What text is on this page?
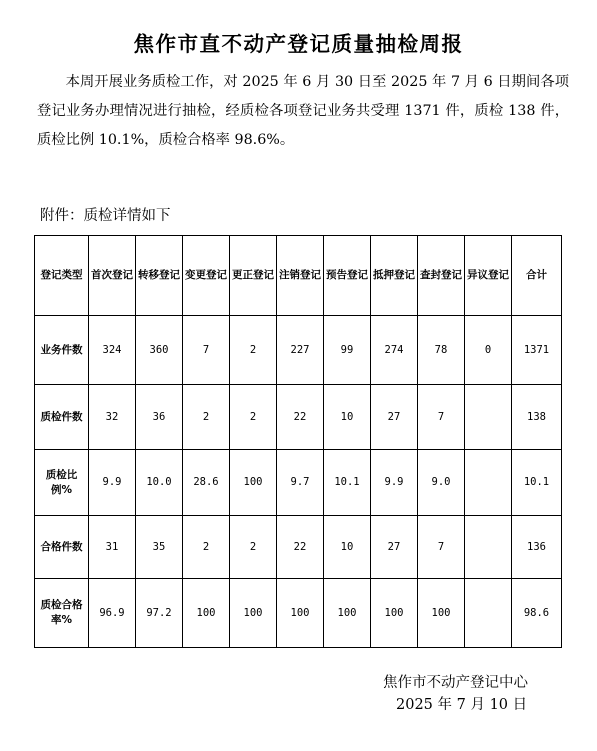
焦作市直不动产登记质量抽检周报
本周开展业务质检工作，对 2025 年 6 月 30 日至 2025 年 7 月 6 日期间各项登记业务办理情况进行抽检，经质检各项登记业务共受理 1371 件，质检 138 件，质检比例 10.1%，质检合格率 98.6%。
附件：质检详情如下
登记类型	首次登记	转移登记	变更登记	更正登记	注销登记	预告登记	抵押登记	查封登记	异议登记	合计
业务件数	324	360	7	2	227	99	274	78	0	1371
质检件数	32	36	2	2	22	10	27	7		138
质检比例%	9.9	10.0	28.6	100	9.7	10.1	9.9	9.0		10.1
合格件数	31	35	2	2	22	10	27	7		136
质检合格率%	96.9	97.2	100	100	100	100	100	100		98.6
焦作市不动产登记中心
2025 年 7 月 10 日
